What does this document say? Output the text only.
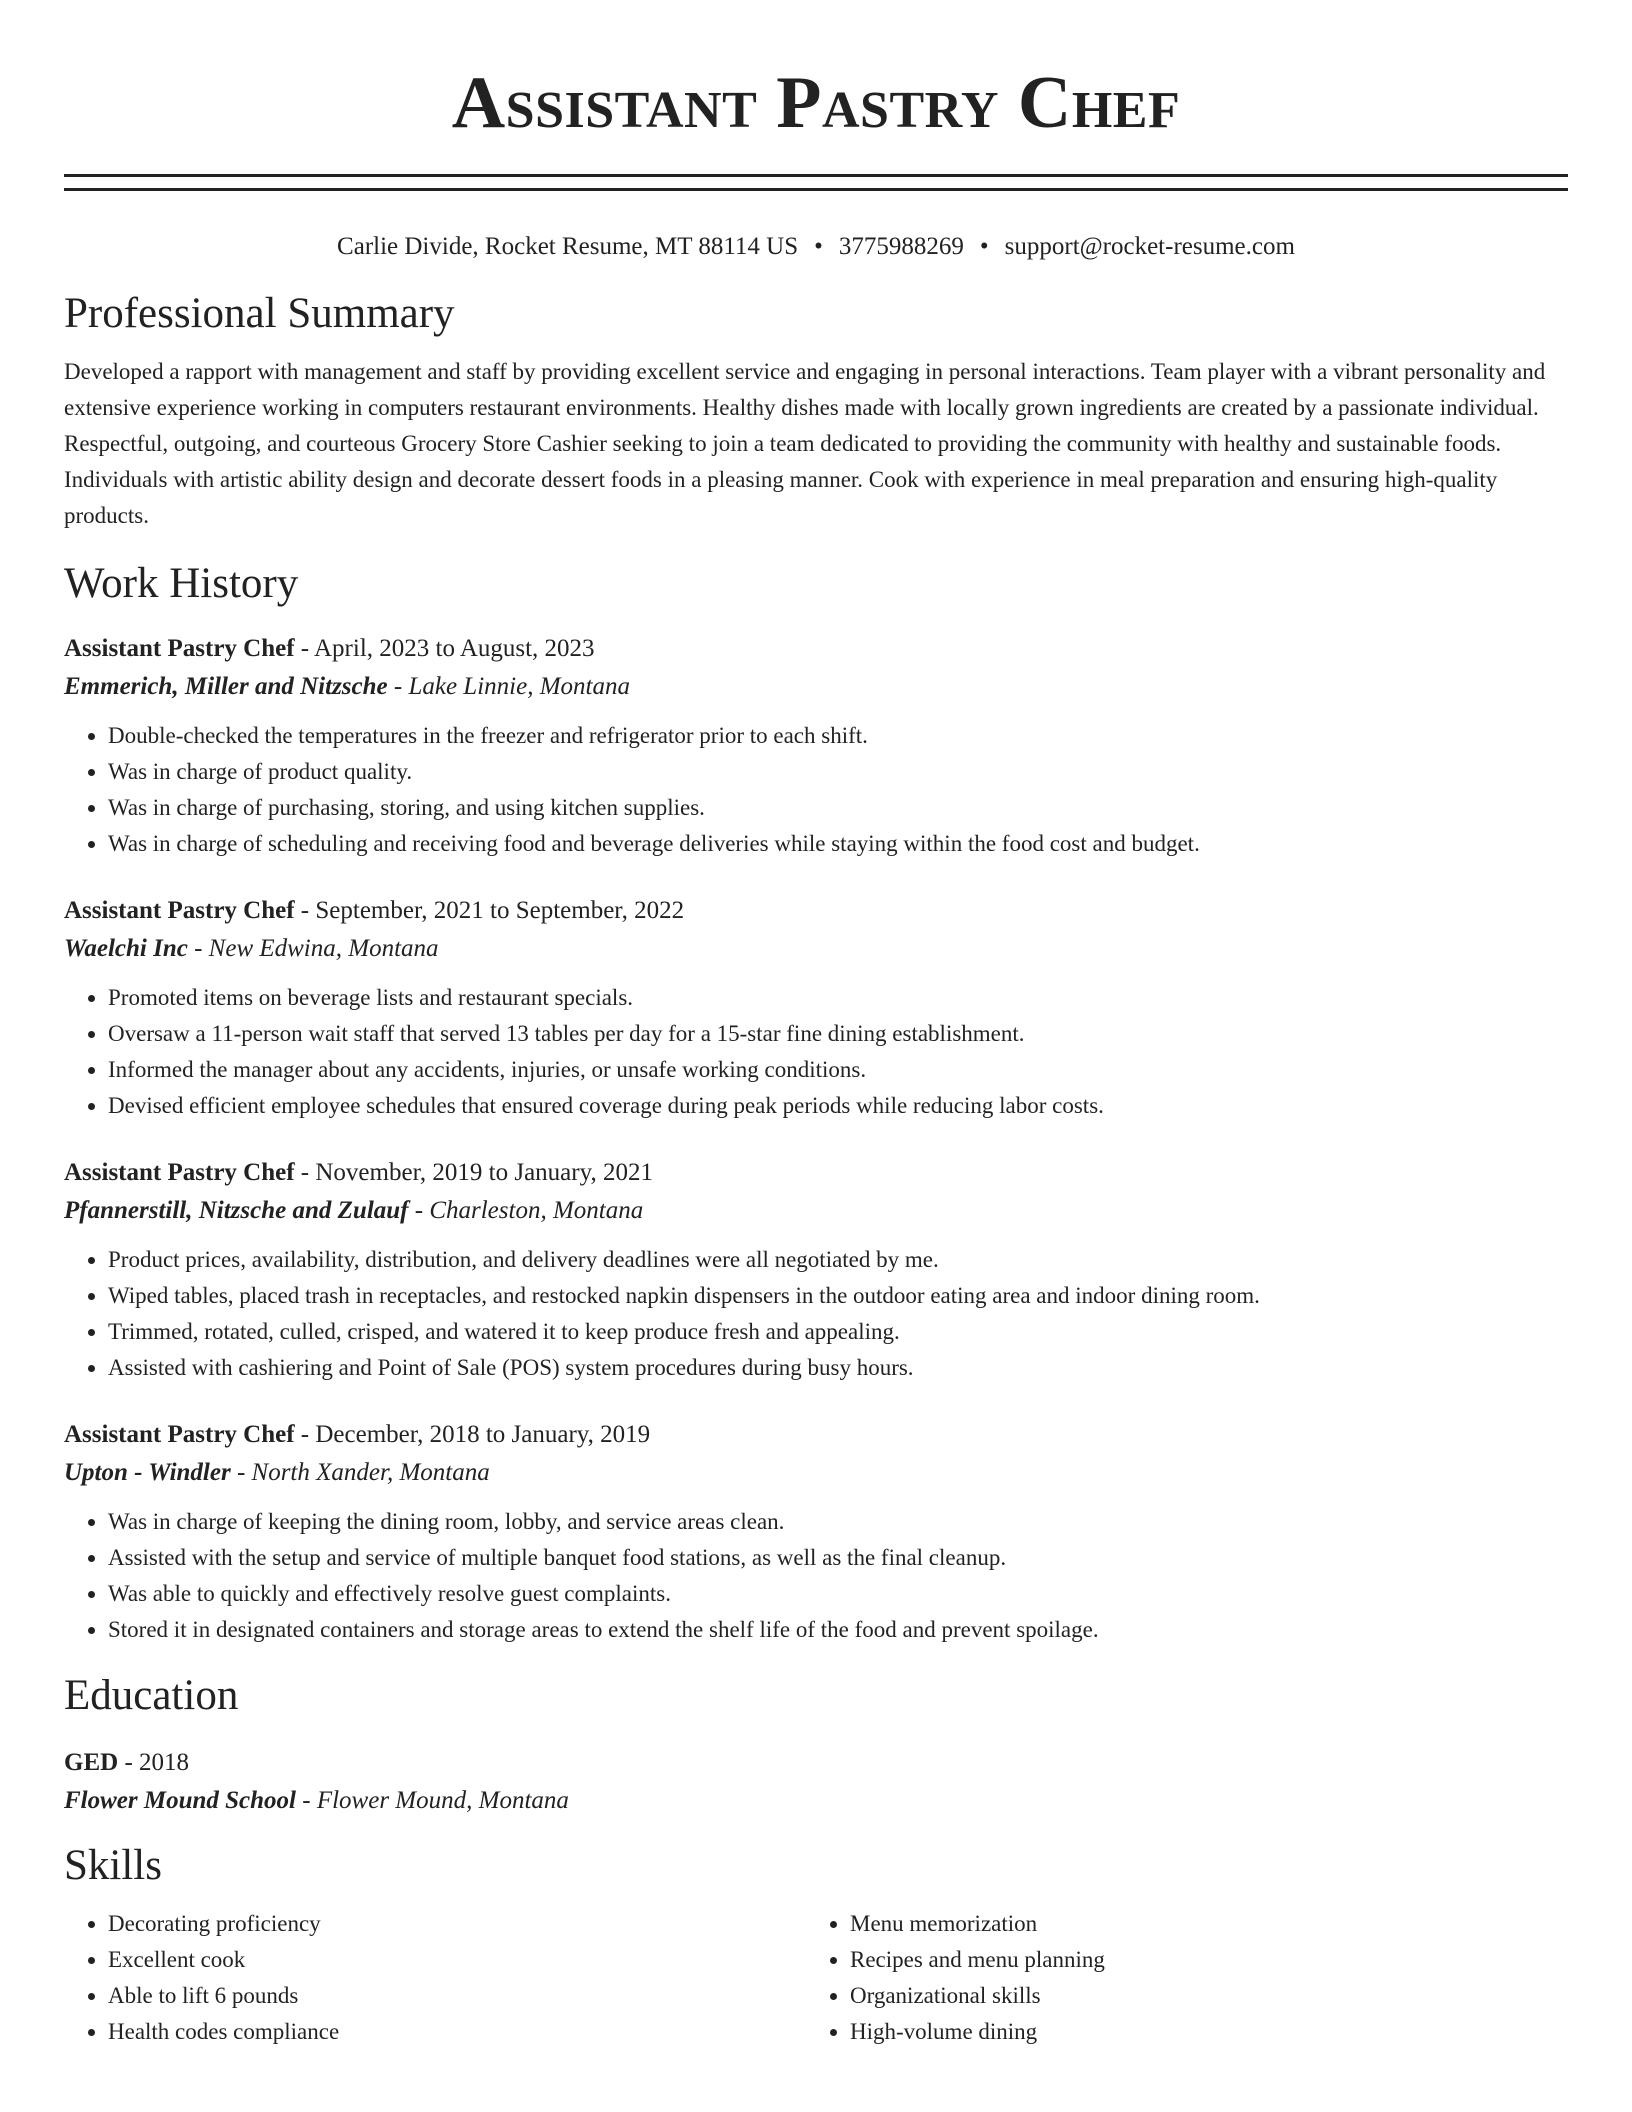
Assistant Pastry Chef
Carlie Divide, Rocket Resume, MT 88114 US • 3775988269 • support@rocket-resume.com
Professional Summary

Developed a rapport with management and staff by providing excellent service and engaging in personal interactions. Team player with a vibrant personality and extensive experience working in computers restaurant environments. Healthy dishes made with locally grown ingredients are created by a passionate individual. Respectful, outgoing, and courteous Grocery Store Cashier seeking to join a team dedicated to providing the community with healthy and sustainable foods. Individuals with artistic ability design and decorate dessert foods in a pleasing manner. Cook with experience in meal preparation and ensuring high-quality products.

Work History
Assistant Pastry Chef - April, 2023 to August, 2023
Emmerich, Miller and Nitzsche - Lake Linnie, Montana
• Double-checked the temperatures in the freezer and refrigerator prior to each shift.
• Was in charge of product quality.
• Was in charge of purchasing, storing, and using kitchen supplies.
• Was in charge of scheduling and receiving food and beverage deliveries while staying within the food cost and budget.
Assistant Pastry Chef - September, 2021 to September, 2022
Waelchi Inc - New Edwina, Montana
• Promoted items on beverage lists and restaurant specials.
• Oversaw a 11-person wait staff that served 13 tables per day for a 15-star fine dining establishment.
• Informed the manager about any accidents, injuries, or unsafe working conditions.
• Devised efficient employee schedules that ensured coverage during peak periods while reducing labor costs.
Assistant Pastry Chef - November, 2019 to January, 2021
Pfannerstill, Nitzsche and Zulauf - Charleston, Montana
• Product prices, availability, distribution, and delivery deadlines were all negotiated by me.
• Wiped tables, placed trash in receptacles, and restocked napkin dispensers in the outdoor eating area and indoor dining room.
• Trimmed, rotated, culled, crisped, and watered it to keep produce fresh and appealing.
• Assisted with cashiering and Point of Sale (POS) system procedures during busy hours.
Assistant Pastry Chef - December, 2018 to January, 2019
Upton - Windler - North Xander, Montana
• Was in charge of keeping the dining room, lobby, and service areas clean.
• Assisted with the setup and service of multiple banquet food stations, as well as the final cleanup.
• Was able to quickly and effectively resolve guest complaints.
• Stored it in designated containers and storage areas to extend the shelf life of the food and prevent spoilage.
Education
GED - 2018
Flower Mound School - Flower Mound, Montana
Skills
• Decorating proficiency
• Excellent cook
• Able to lift 6 pounds
• Health codes compliance
• Menu memorization
• Recipes and menu planning
• Organizational skills
• High-volume dining
